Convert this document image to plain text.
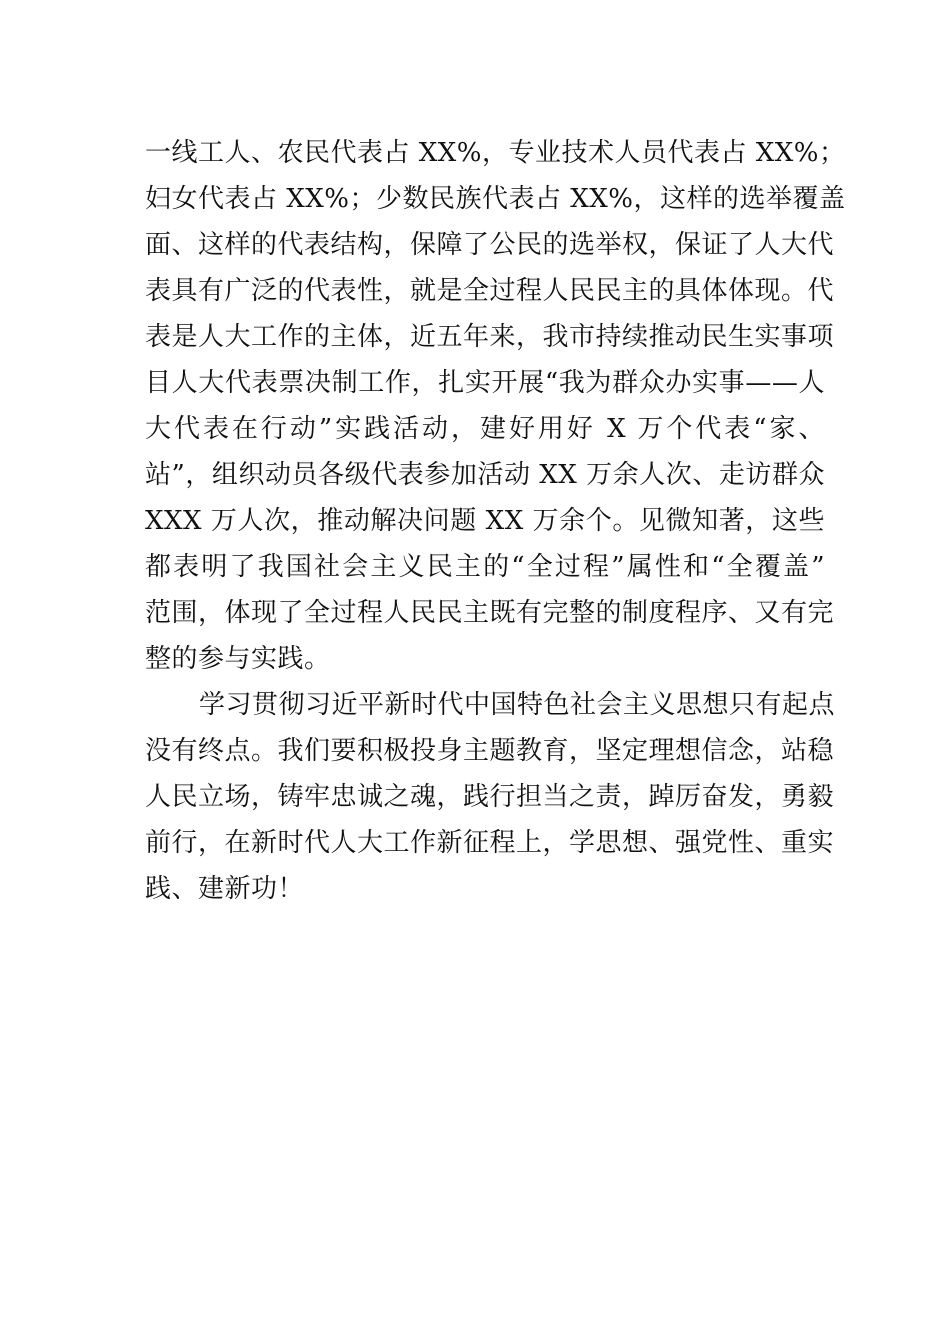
一线工人、农民代表占 XX%，专业技术人员代表占 XX%；
妇女代表占 XX%；少数民族代表占 XX%，这样的选举覆盖
面、这样的代表结构，保障了公民的选举权，保证了人大代
表具有广泛的代表性，就是全过程人民民主的具体体现。代
表是人大工作的主体，近五年来，我市持续推动民生实事项
目人大代表票决制工作，扎实开展“我为群众办实事——人
大代表在行动”实践活动，建好用好 X 万个代表“家、
站”，组织动员各级代表参加活动 XX 万余人次、走访群众
XXX 万人次，推动解决问题 XX 万余个。见微知著，这些
都表明了我国社会主义民主的“全过程”属性和“全覆盖”
范围，体现了全过程人民民主既有完整的制度程序、又有完
整的参与实践。
学习贯彻习近平新时代中国特色社会主义思想只有起点
没有终点。我们要积极投身主题教育，坚定理想信念，站稳
人民立场，铸牢忠诚之魂，践行担当之责，踔厉奋发，勇毅
前行，在新时代人大工作新征程上，学思想、强党性、重实
践、建新功！
